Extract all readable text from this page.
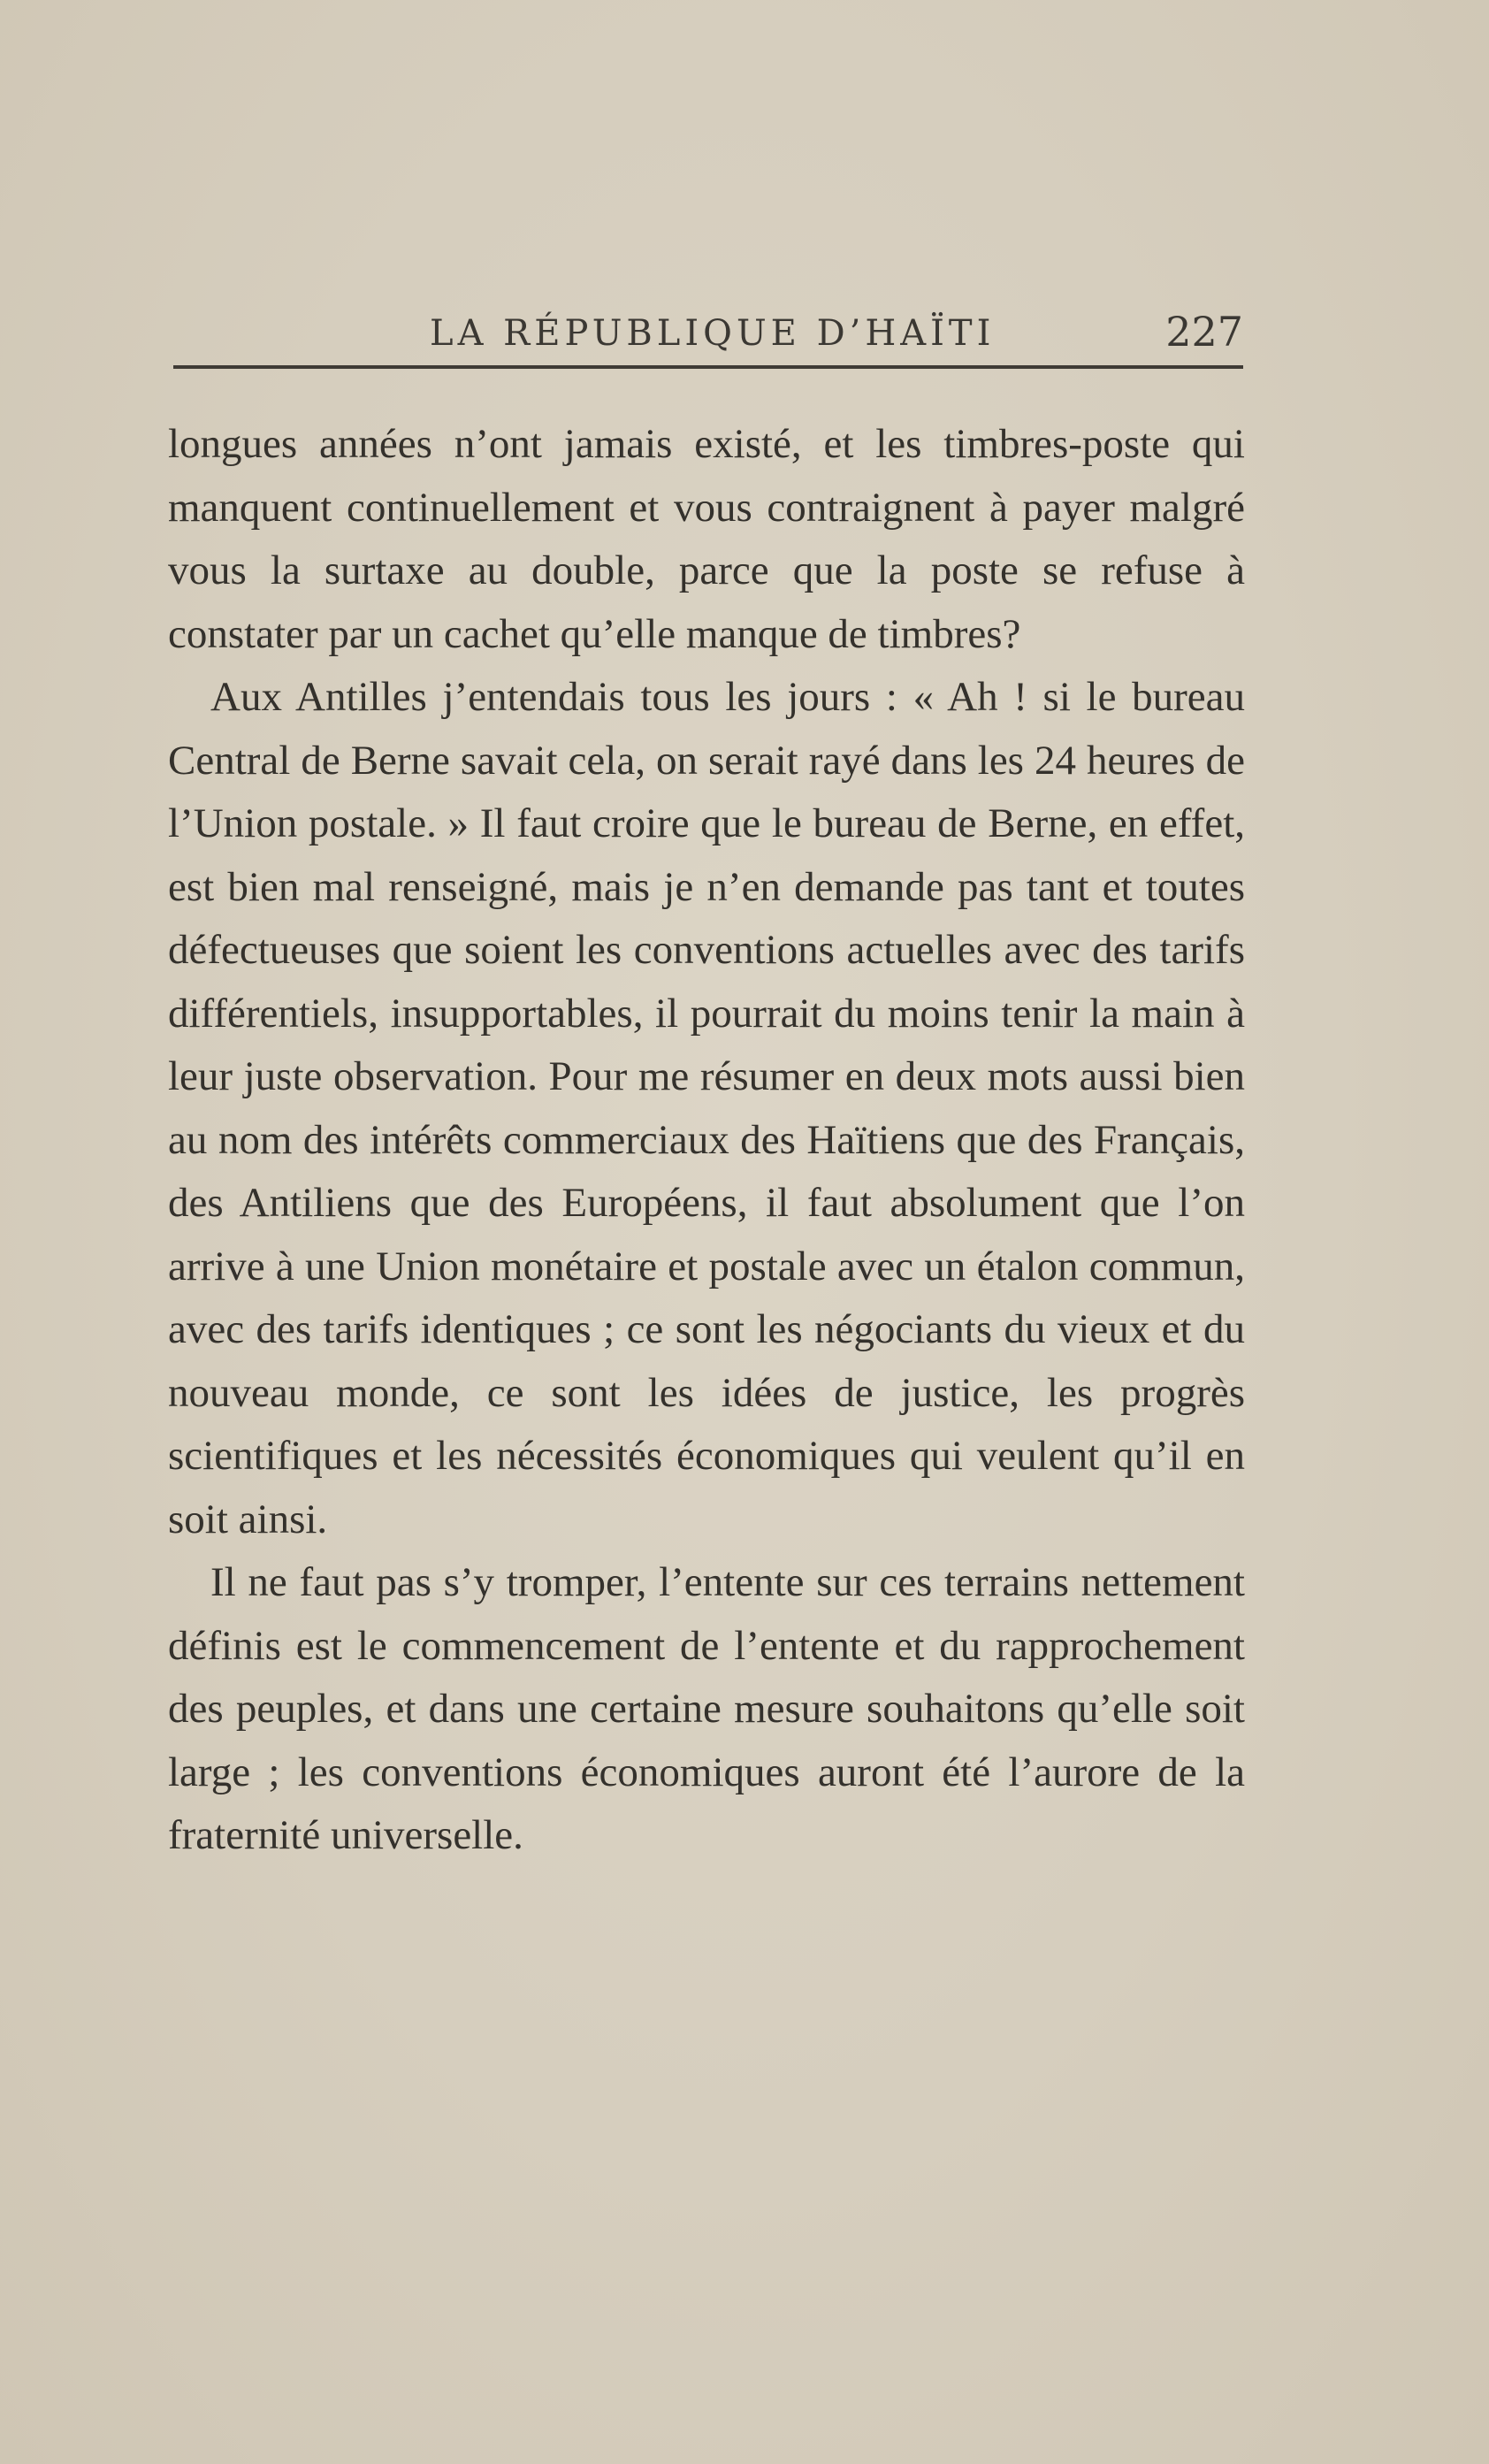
LA RÉPUBLIQUE D’HAÏTI	227

longues années n’ont jamais existé, et les timbres-poste qui manquent continuellement et vous contraignent à payer malgré vous la surtaxe au double, parce que la poste se refuse à constater par un cachet qu’elle manque de timbres?

Aux Antilles j’entendais tous les jours : « Ah ! si le bureau Central de Berne savait cela, on serait rayé dans les 24 heures de l’Union postale. » Il faut croire que le bureau de Berne, en effet, est bien mal renseigné, mais je n’en demande pas tant et toutes défectueuses que soient les conventions actuelles avec des tarifs différentiels, insupportables, il pourrait du moins tenir la main à leur juste observation. Pour me résumer en deux mots aussi bien au nom des intérêts commerciaux des Haïtiens que des Français, des Antiliens que des Européens, il faut absolument que l’on arrive à une Union monétaire et postale avec un étalon commun, avec des tarifs identiques ; ce sont les négociants du vieux et du nouveau monde, ce sont les idées de justice, les progrès scientifiques et les nécessités économiques qui veulent qu’il en soit ainsi.

Il ne faut pas s’y tromper, l’entente sur ces terrains nettement définis est le commencement de l’entente et du rapprochement des peuples, et dans une certaine mesure souhaitons qu’elle soit large ; les conventions économiques auront été l’aurore de la fraternité universelle.
